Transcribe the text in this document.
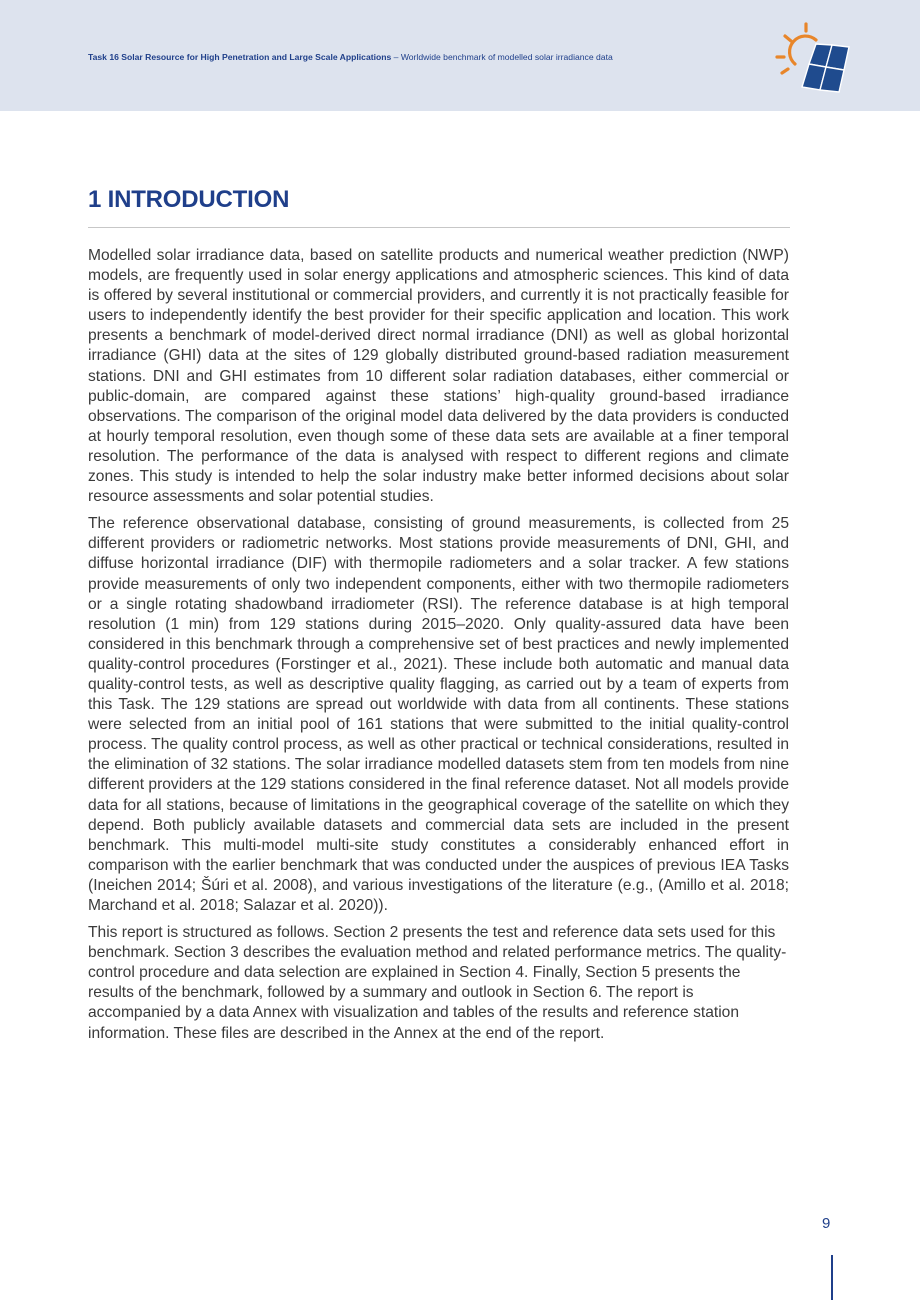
Task 16 Solar Resource for High Penetration and Large Scale Applications – Worldwide benchmark of modelled solar irradiance data
1 INTRODUCTION

Modelled solar irradiance data, based on satellite products and numerical weather prediction (NWP) models, are frequently used in solar energy applications and atmospheric sciences. This kind of data is offered by several institutional or commercial providers, and currently it is not practically feasible for users to independently identify the best provider for their specific application and location. This work presents a benchmark of model-derived direct normal irradiance (DNI) as well as global horizontal irradiance (GHI) data at the sites of 129 globally distributed ground-based radiation measurement stations. DNI and GHI estimates from 10 different solar radiation databases, either commercial or public-domain, are compared against these stations’ high-quality ground-based irradiance observations. The comparison of the original model data delivered by the data providers is conducted at hourly temporal resolution, even though some of these data sets are available at a finer temporal resolution. The performance of the data is analysed with respect to different regions and climate zones. This study is intended to help the solar industry make better informed decisions about solar resource assessments and solar potential studies.

The reference observational database, consisting of ground measurements, is collected from 25 different providers or radiometric networks. Most stations provide measurements of DNI, GHI, and diffuse horizontal irradiance (DIF) with thermopile radiometers and a solar tracker. A few stations provide measurements of only two independent components, either with two thermopile radiometers or a single rotating shadowband irradiometer (RSI). The reference database is at high temporal resolution (1 min) from 129 stations during 2015–2020. Only quality-assured data have been considered in this benchmark through a comprehensive set of best practices and newly implemented quality-control procedures (Forstinger et al., 2021). These include both automatic and manual data quality-control tests, as well as descriptive quality flagging, as carried out by a team of experts from this Task. The 129 stations are spread out worldwide with data from all continents. These stations were selected from an initial pool of 161 stations that were submitted to the initial quality-control process. The quality control process, as well as other practical or technical considerations, resulted in the elimination of 32 stations. The solar irradiance modelled datasets stem from ten models from nine different providers at the 129 stations considered in the final reference dataset. Not all models provide data for all stations, because of limitations in the geographical coverage of the satellite on which they depend. Both publicly available datasets and commercial data sets are included in the present benchmark. This multi-model multi-site study constitutes a considerably enhanced effort in comparison with the earlier benchmark that was conducted under the auspices of previous IEA Tasks (Ineichen 2014; Šúri et al. 2008), and various investigations of the literature (e.g., (Amillo et al. 2018; Marchand et al. 2018; Salazar et al. 2020)).

This report is structured as follows. Section 2 presents the test and reference data sets used for this benchmark. Section 3 describes the evaluation method and related performance metrics. The quality-control procedure and data selection are explained in Section 4. Finally, Section 5 presents the results of the benchmark, followed by a summary and outlook in Section 6. The report is accompanied by a data Annex with visualization and tables of the results and reference station information. These files are described in the Annex at the end of the report.

9
